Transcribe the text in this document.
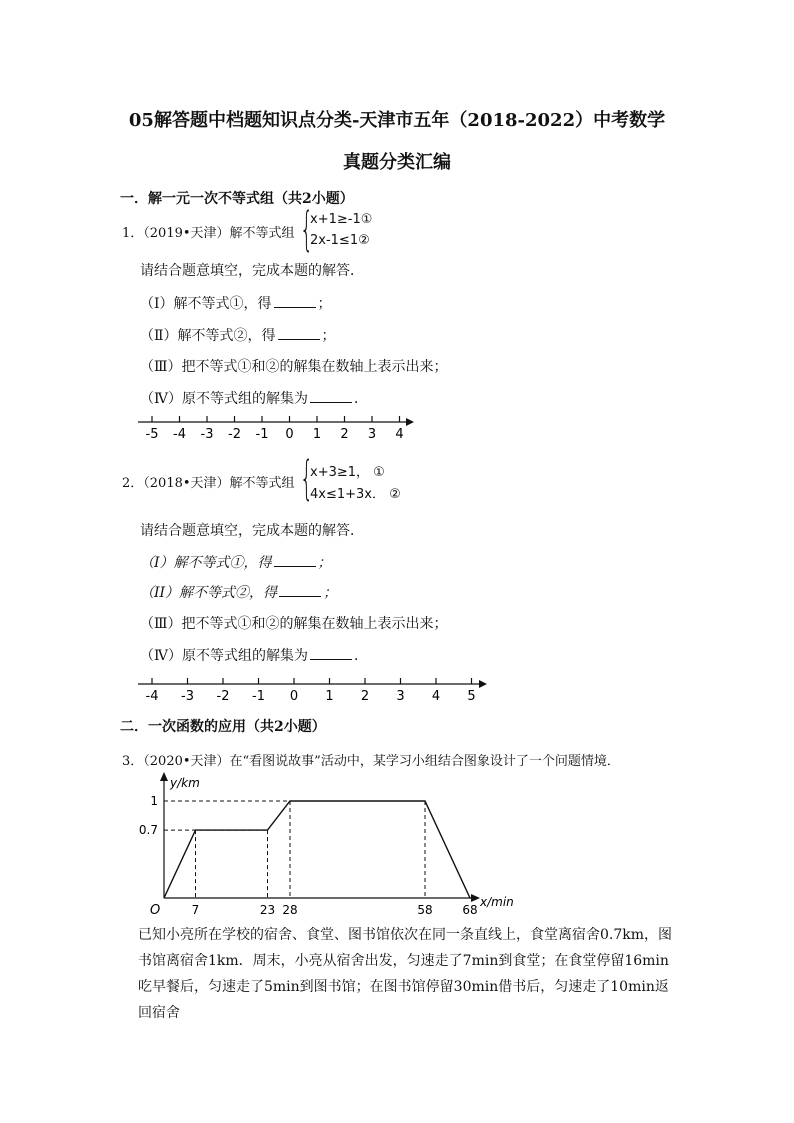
05解答题中档题知识点分类-天津市五年（2018-2022）中考数学
真题分类汇编
一．解一元一次不等式组（共2小题）
1．（2019•天津）解不等式组 {
x+1≥-1①
2x-1≤1②
请结合题意填空，完成本题的解答．
（Ⅰ）解不等式①，得	；
（Ⅱ）解不等式②，得	；
（Ⅲ）把不等式①和②的解集在数轴上表示出来；
（Ⅳ）原不等式组的解集为	．
-5 -4 -3 -2 -1 0 1 2 3 4
2．（2018•天津）解不等式组 {
x+3≥1， ①
4x≤1+3x． ②
请结合题意填空，完成本题的解答．
（I）解不等式①，得	；
（II）解不等式②，得	；
（Ⅲ）把不等式①和②的解集在数轴上表示出来；
（Ⅳ）原不等式组的解集为	．
-4 -3 -2 -1 0 1 2 3 4 5
二．一次函数的应用（共2小题）
3．（2020•天津）在“看图说故事”活动中，某学习小组结合图象设计了一个问题情境．
y/km
x/min
O	7	23 28	58 68
0.7
1
已知小亮所在学校的宿舍、食堂、图书馆依次在同一条直线上，食堂离宿舍0.7km，图书馆离宿舍1km．周末，小亮从宿舍出发，匀速走了7min到食堂；在食堂停留16min吃早餐后，匀速走了5min到图书馆；在图书馆停留30min借书后，匀速走了10min返回宿舍
